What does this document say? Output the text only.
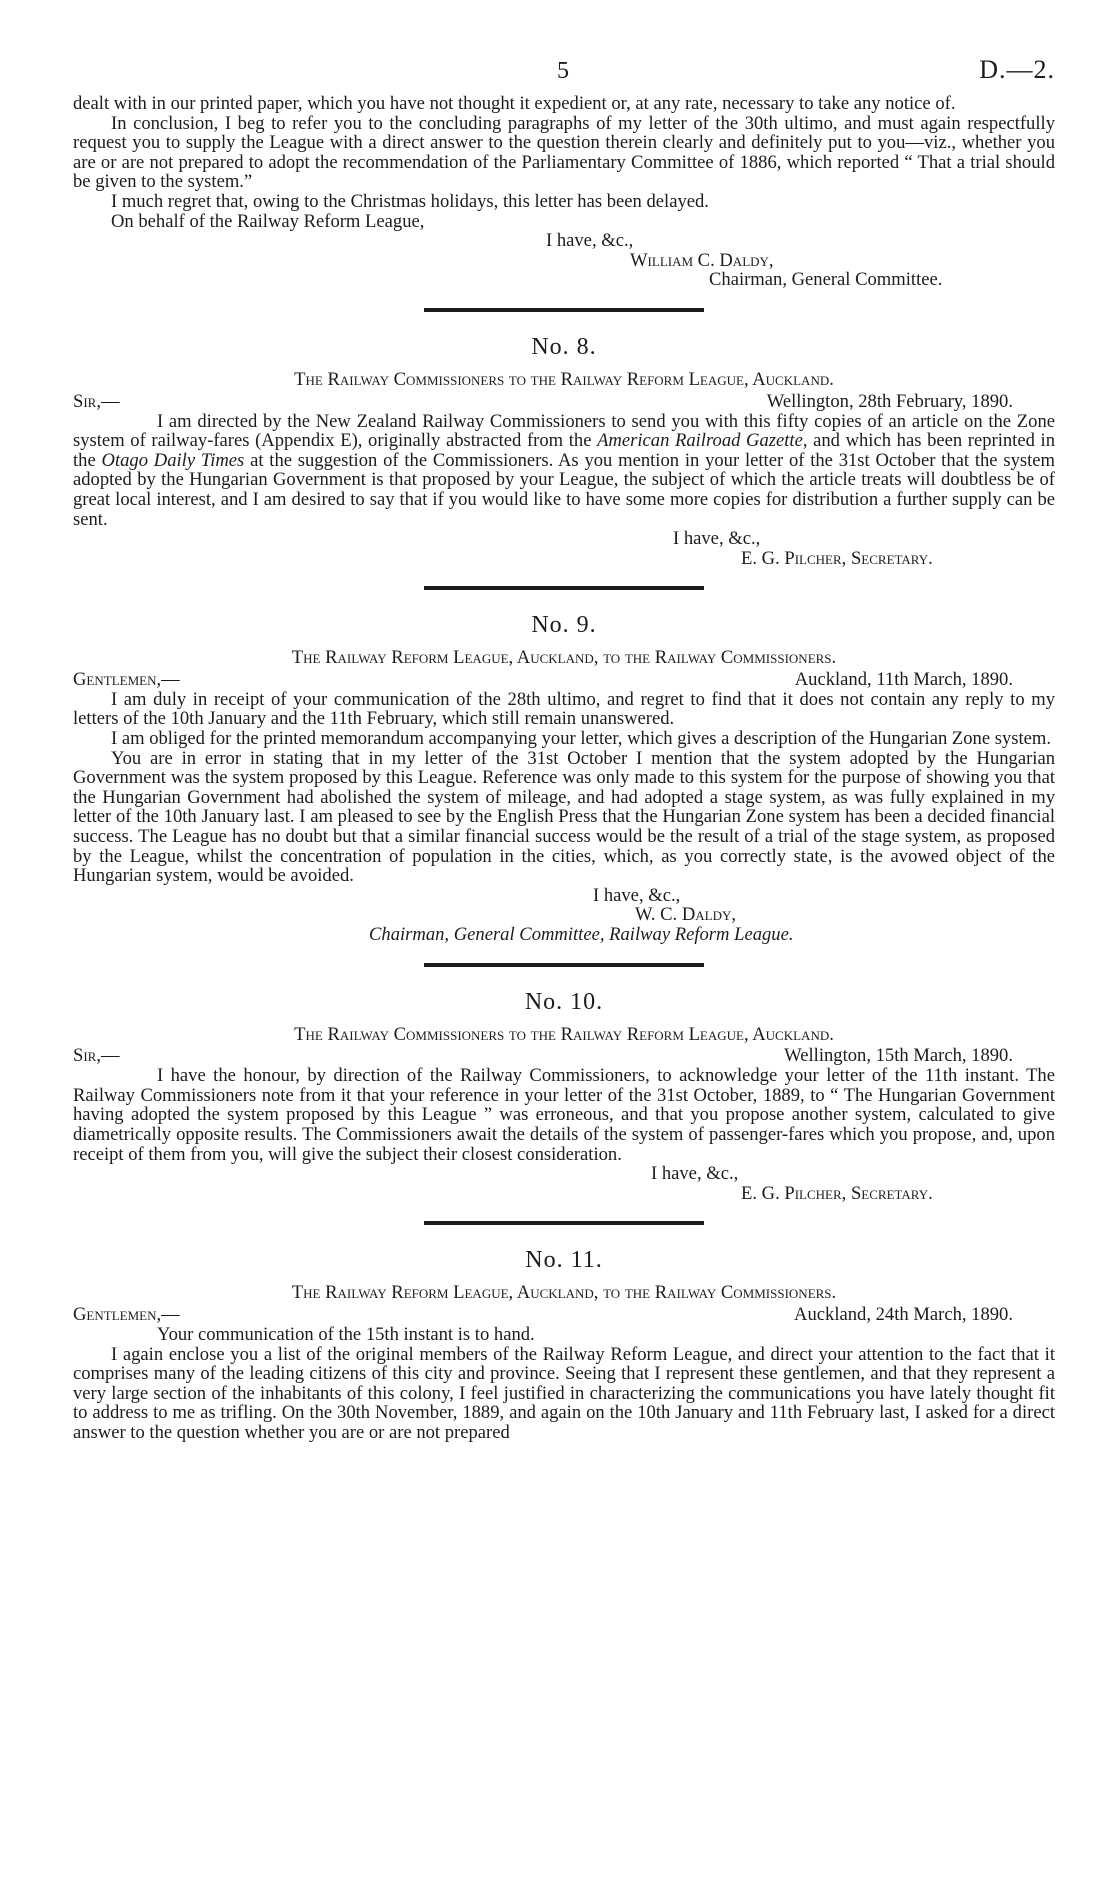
5	D.—2.

dealt with in our printed paper, which you have not thought it expedient or, at any rate, necessary to take any notice of.

In conclusion, I beg to refer you to the concluding paragraphs of my letter of the 30th ultimo, and must again respectfully request you to supply the League with a direct answer to the question therein clearly and definitely put to you—viz., whether you are or are not prepared to adopt the recommendation of the Parliamentary Committee of 1886, which reported “ That a trial should be given to the system.”

I much regret that, owing to the Christmas holidays, this letter has been delayed.

On behalf of the Railway Reform League,

I have, &c.,

William C. Daldy,

Chairman, General Committee.

No. 8.
The Railway Commissioners to the Railway Reform League, Auckland.
Sir,—	Wellington, 28th February, 1890.

I am directed by the New Zealand Railway Commissioners to send you with this fifty copies of an article on the Zone system of railway-fares (Appendix E), originally abstracted from the American Railroad Gazette, and which has been reprinted in the Otago Daily Times at the suggestion of the Commissioners. As you mention in your letter of the 31st October that the system adopted by the Hungarian Government is that proposed by your League, the subject of which the article treats will doubtless be of great local interest, and I am desired to say that if you would like to have some more copies for distribution a further supply can be sent.

I have, &c.,

E. G. Pilcher, Secretary.

No. 9.
The Railway Reform League, Auckland, to the Railway Commissioners.
Gentlemen,—	Auckland, 11th March, 1890.

I am duly in receipt of your communication of the 28th ultimo, and regret to find that it does not contain any reply to my letters of the 10th January and the 11th February, which still remain unanswered.

I am obliged for the printed memorandum accompanying your letter, which gives a description of the Hungarian Zone system.

You are in error in stating that in my letter of the 31st October I mention that the system adopted by the Hungarian Government was the system proposed by this League. Reference was only made to this system for the purpose of showing you that the Hungarian Government had abolished the system of mileage, and had adopted a stage system, as was fully explained in my letter of the 10th January last. I am pleased to see by the English Press that the Hungarian Zone system has been a decided financial success. The League has no doubt but that a similar financial success would be the result of a trial of the stage system, as proposed by the League, whilst the concentration of population in the cities, which, as you correctly state, is the avowed object of the Hungarian system, would be avoided.

I have, &c.,

W. C. Daldy,

Chairman, General Committee, Railway Reform League.

No. 10.
The Railway Commissioners to the Railway Reform League, Auckland.
Sir,—	Wellington, 15th March, 1890.

I have the honour, by direction of the Railway Commissioners, to acknowledge your letter of the 11th instant. The Railway Commissioners note from it that your reference in your letter of the 31st October, 1889, to “ The Hungarian Government having adopted the system proposed by this League ” was erroneous, and that you propose another system, calculated to give diametrically opposite results. The Commissioners await the details of the system of passenger-fares which you propose, and, upon receipt of them from you, will give the subject their closest consideration.

I have, &c.,

E. G. Pilcher, Secretary.

No. 11.
The Railway Reform League, Auckland, to the Railway Commissioners.
Gentlemen,—	Auckland, 24th March, 1890.

Your communication of the 15th instant is to hand.

I again enclose you a list of the original members of the Railway Reform League, and direct your attention to the fact that it comprises many of the leading citizens of this city and province. Seeing that I represent these gentlemen, and that they represent a very large section of the inhabitants of this colony, I feel justified in characterizing the communications you have lately thought fit to address to me as trifling. On the 30th November, 1889, and again on the 10th January and 11th February last, I asked for a direct answer to the question whether you are or are not prepared
